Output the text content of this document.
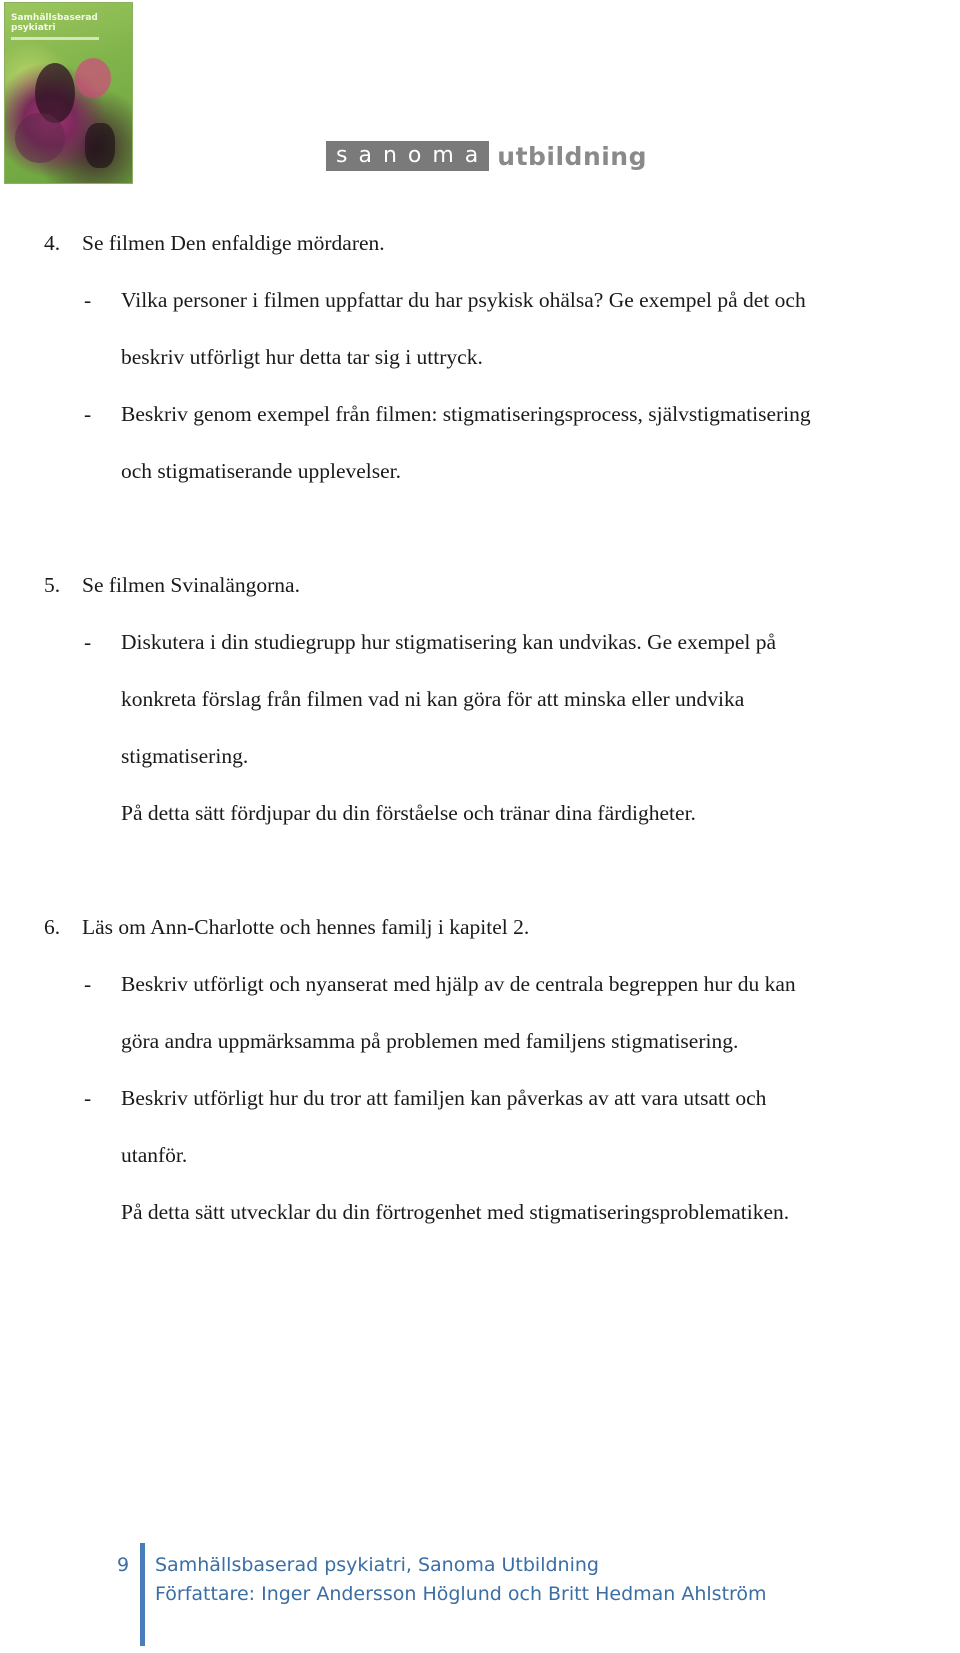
Samhällsbaserad psykiatri
sanoma utbildning
4. Se filmen Den enfaldige mördaren.
- Vilka personer i filmen uppfattar du har psykisk ohälsa? Ge exempel på det och
beskriv utförligt hur detta tar sig i uttryck.
- Beskriv genom exempel från filmen: stigmatiseringsprocess, självstigmatisering
och stigmatiserande upplevelser.
5. Se filmen Svinalängorna.
- Diskutera i din studiegrupp hur stigmatisering kan undvikas. Ge exempel på
konkreta förslag från filmen vad ni kan göra för att minska eller undvika
stigmatisering.
På detta sätt fördjupar du din förståelse och tränar dina färdigheter.
6. Läs om Ann-Charlotte och hennes familj i kapitel 2.
- Beskriv utförligt och nyanserat med hjälp av de centrala begreppen hur du kan
göra andra uppmärksamma på problemen med familjens stigmatisering.
- Beskriv utförligt hur du tror att familjen kan påverkas av att vara utsatt och
utanför.
På detta sätt utvecklar du din förtrogenhet med stigmatiseringsproblematiken.
9 Samhällsbaserad psykiatri, Sanoma Utbildning
Författare: Inger Andersson Höglund och Britt Hedman Ahlström
